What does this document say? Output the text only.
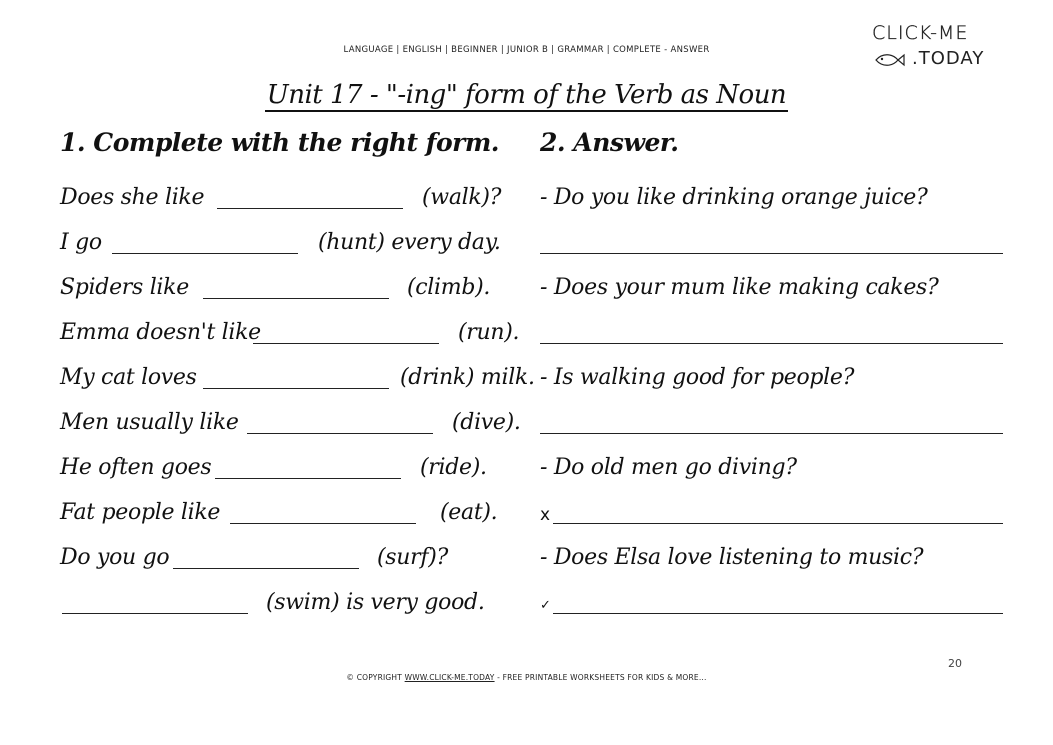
LANGUAGE | ENGLISH | BEGINNER | JUNIOR B | GRAMMAR | COMPLETE - ANSWER
CLICK-ME
.TODAY
Unit 17 - "-ing" form of the Verb as Noun
1. Complete with the right form. 2. Answer.
Does she like	(walk)?
I go	(hunt) every day.
Spiders like	(climb).
Emma doesn't like	(run).
My cat loves	(drink) milk.
Men usually like	(dive).
He often goes	(ride).
Fat people like	(eat).
Do you go	(surf)?
(swim) is very good.
- Do you like drinking orange juice?
- Does your mum like making cakes?
- Is walking good for people?
- Do old men go diving?
x
- Does Elsa love listening to music?
✓
20
© COPYRIGHT WWW.CLICK-ME.TODAY - FREE PRINTABLE WORKSHEETS FOR KIDS & MORE...
